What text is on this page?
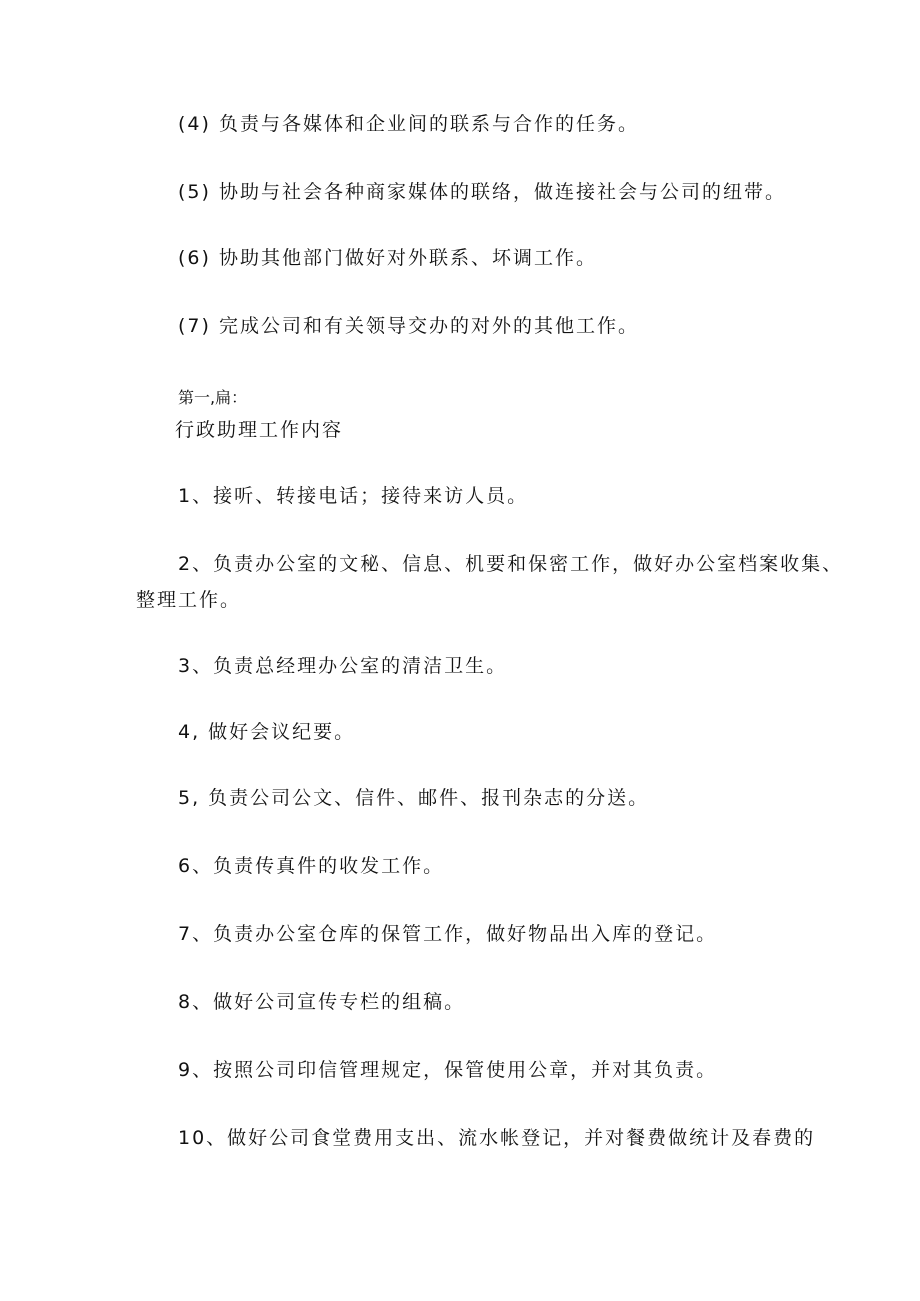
(4) 负责与各媒体和企业间的联系与合作的任务。
(5) 协助与社会各种商家媒体的联络，做连接社会与公司的纽带。
(6) 协助其他部门做好对外联系、坏调工作。
(7) 完成公司和有关领导交办的对外的其他工作。
第一,扁：
行政助理工作内容
1、接听、转接电话；接待来访人员。
2、负责办公室的文秘、信息、机要和保密工作，做好办公室档案收集、
整理工作。
3、负责总经理办公室的清洁卫生。
4, 做好会议纪要。
5, 负责公司公文、信件、邮件、报刊杂志的分送。
6、负责传真件的收发工作。
7、负责办公室仓库的保管工作，做好物品出入库的登记。
8、做好公司宣传专栏的组稿。
9、按照公司印信管理规定，保管使用公章，并对其负责。
10、做好公司食堂费用支出、流水帐登记，并对餐费做统计及春费的
